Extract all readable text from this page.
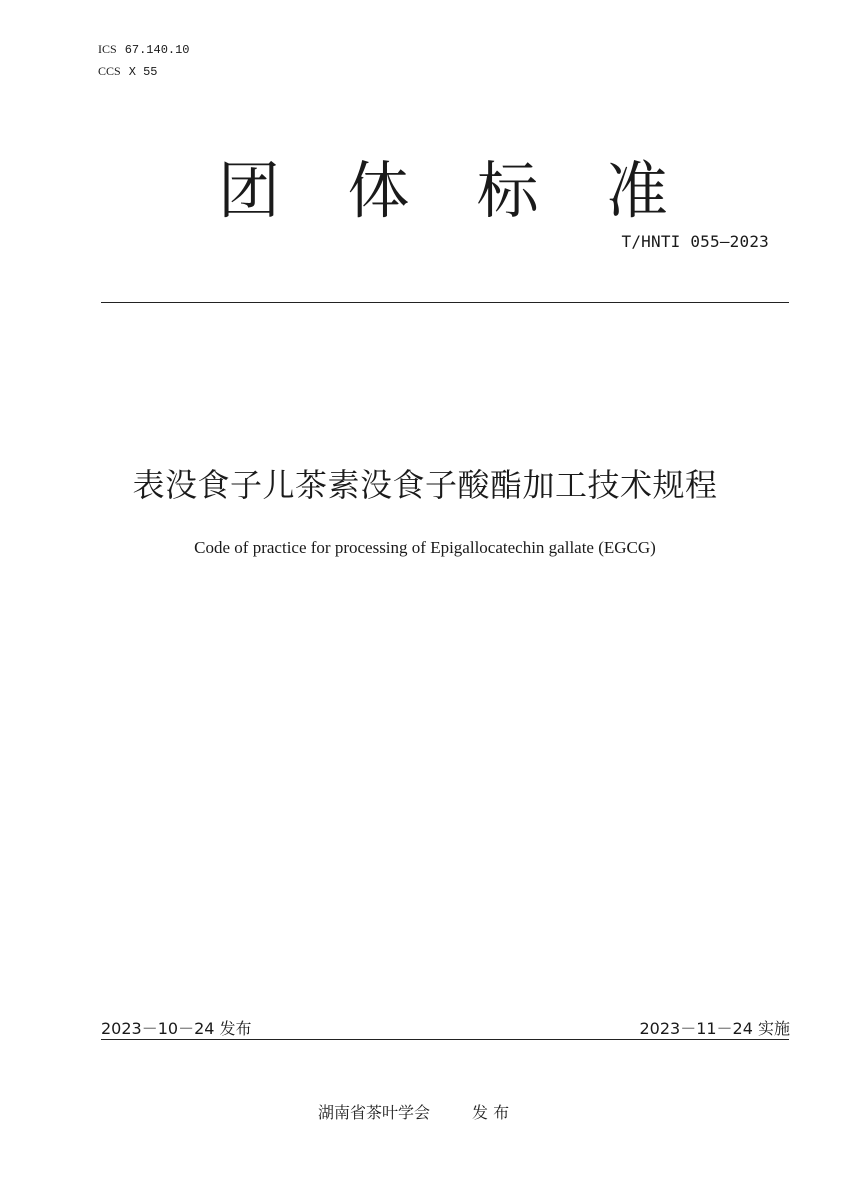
ICS 67.140.10
CCS X 55
团 体 标 准
T/HNTI 055—2023
表没食子儿茶素没食子酸酯加工技术规程
Code of practice for processing of Epigallocatechin gallate (EGCG)
2023－10－24 发布	2023－11－24 实施
湖南省茶叶学会	发 布
